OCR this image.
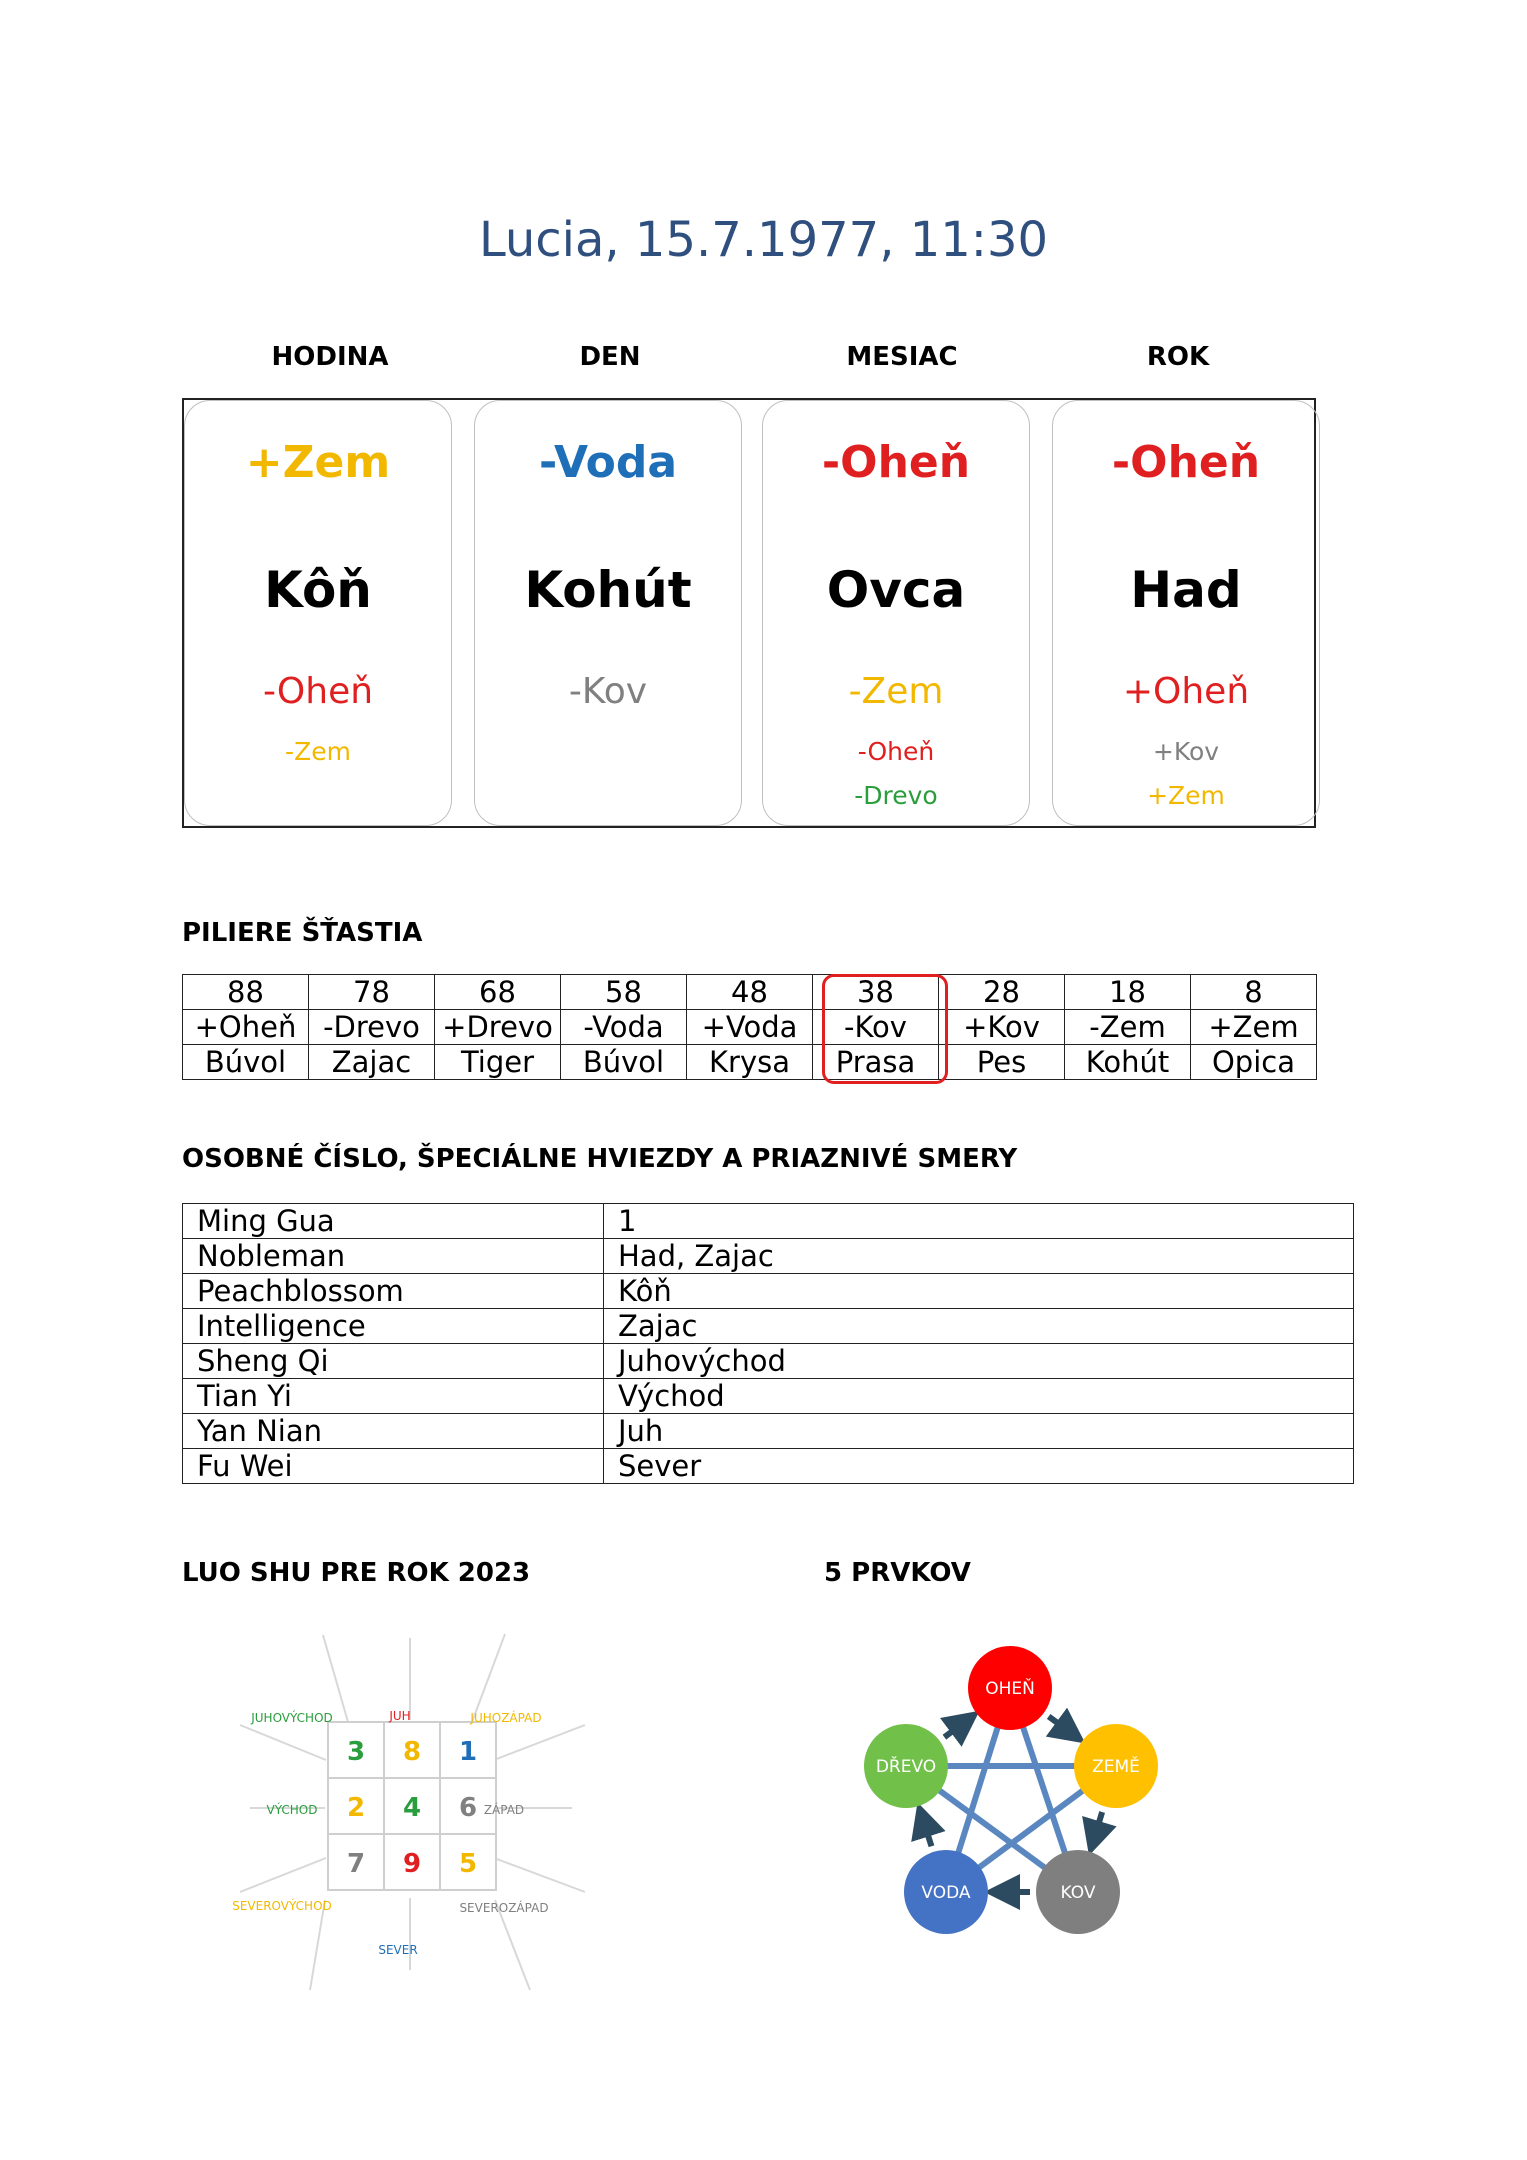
Lucia, 15.7.1977, 11:30
HODINA	DEN	MESIAC	ROK
+Zem
Kôň
-Oheň
-Zem
-Voda
Kohút
-Kov
-Oheň
Ovca
-Zem
-Oheň
-Drevo
-Oheň
Had
+Oheň
+Kov
+Zem
PILIERE ŠŤASTIA
88	78	68	58	48	38	28	18	8
+Oheň	-Drevo	+Drevo	-Voda	+Voda	-Kov	+Kov	-Zem	+Zem
Búvol	Zajac	Tiger	Búvol	Krysa	Prasa	Pes	Kohút	Opica
OSOBNÉ ČÍSLO, ŠPECIÁLNE HVIEZDY A PRIAZNIVÉ SMERY
Ming Gua	1
Nobleman	Had, Zajac
Peachblossom	Kôň
Intelligence	Zajac
Sheng Qi	Juhovýchod
Tian Yi	Východ
Yan Nian	Juh
Fu Wei	Sever
LUO SHU PRE ROK 2023	5 PRVKOV
3 8 1
2 4 6
7 9 5
JUHOVÝCHOD	JUH	JUHOZÁPAD
VÝCHOD	ZÁPAD
SEVEROVÝCHOD
SEVER
SEVEROZÁPAD
OHEŇ
ZEMĚ
KOV
VODA
DŘEVO
